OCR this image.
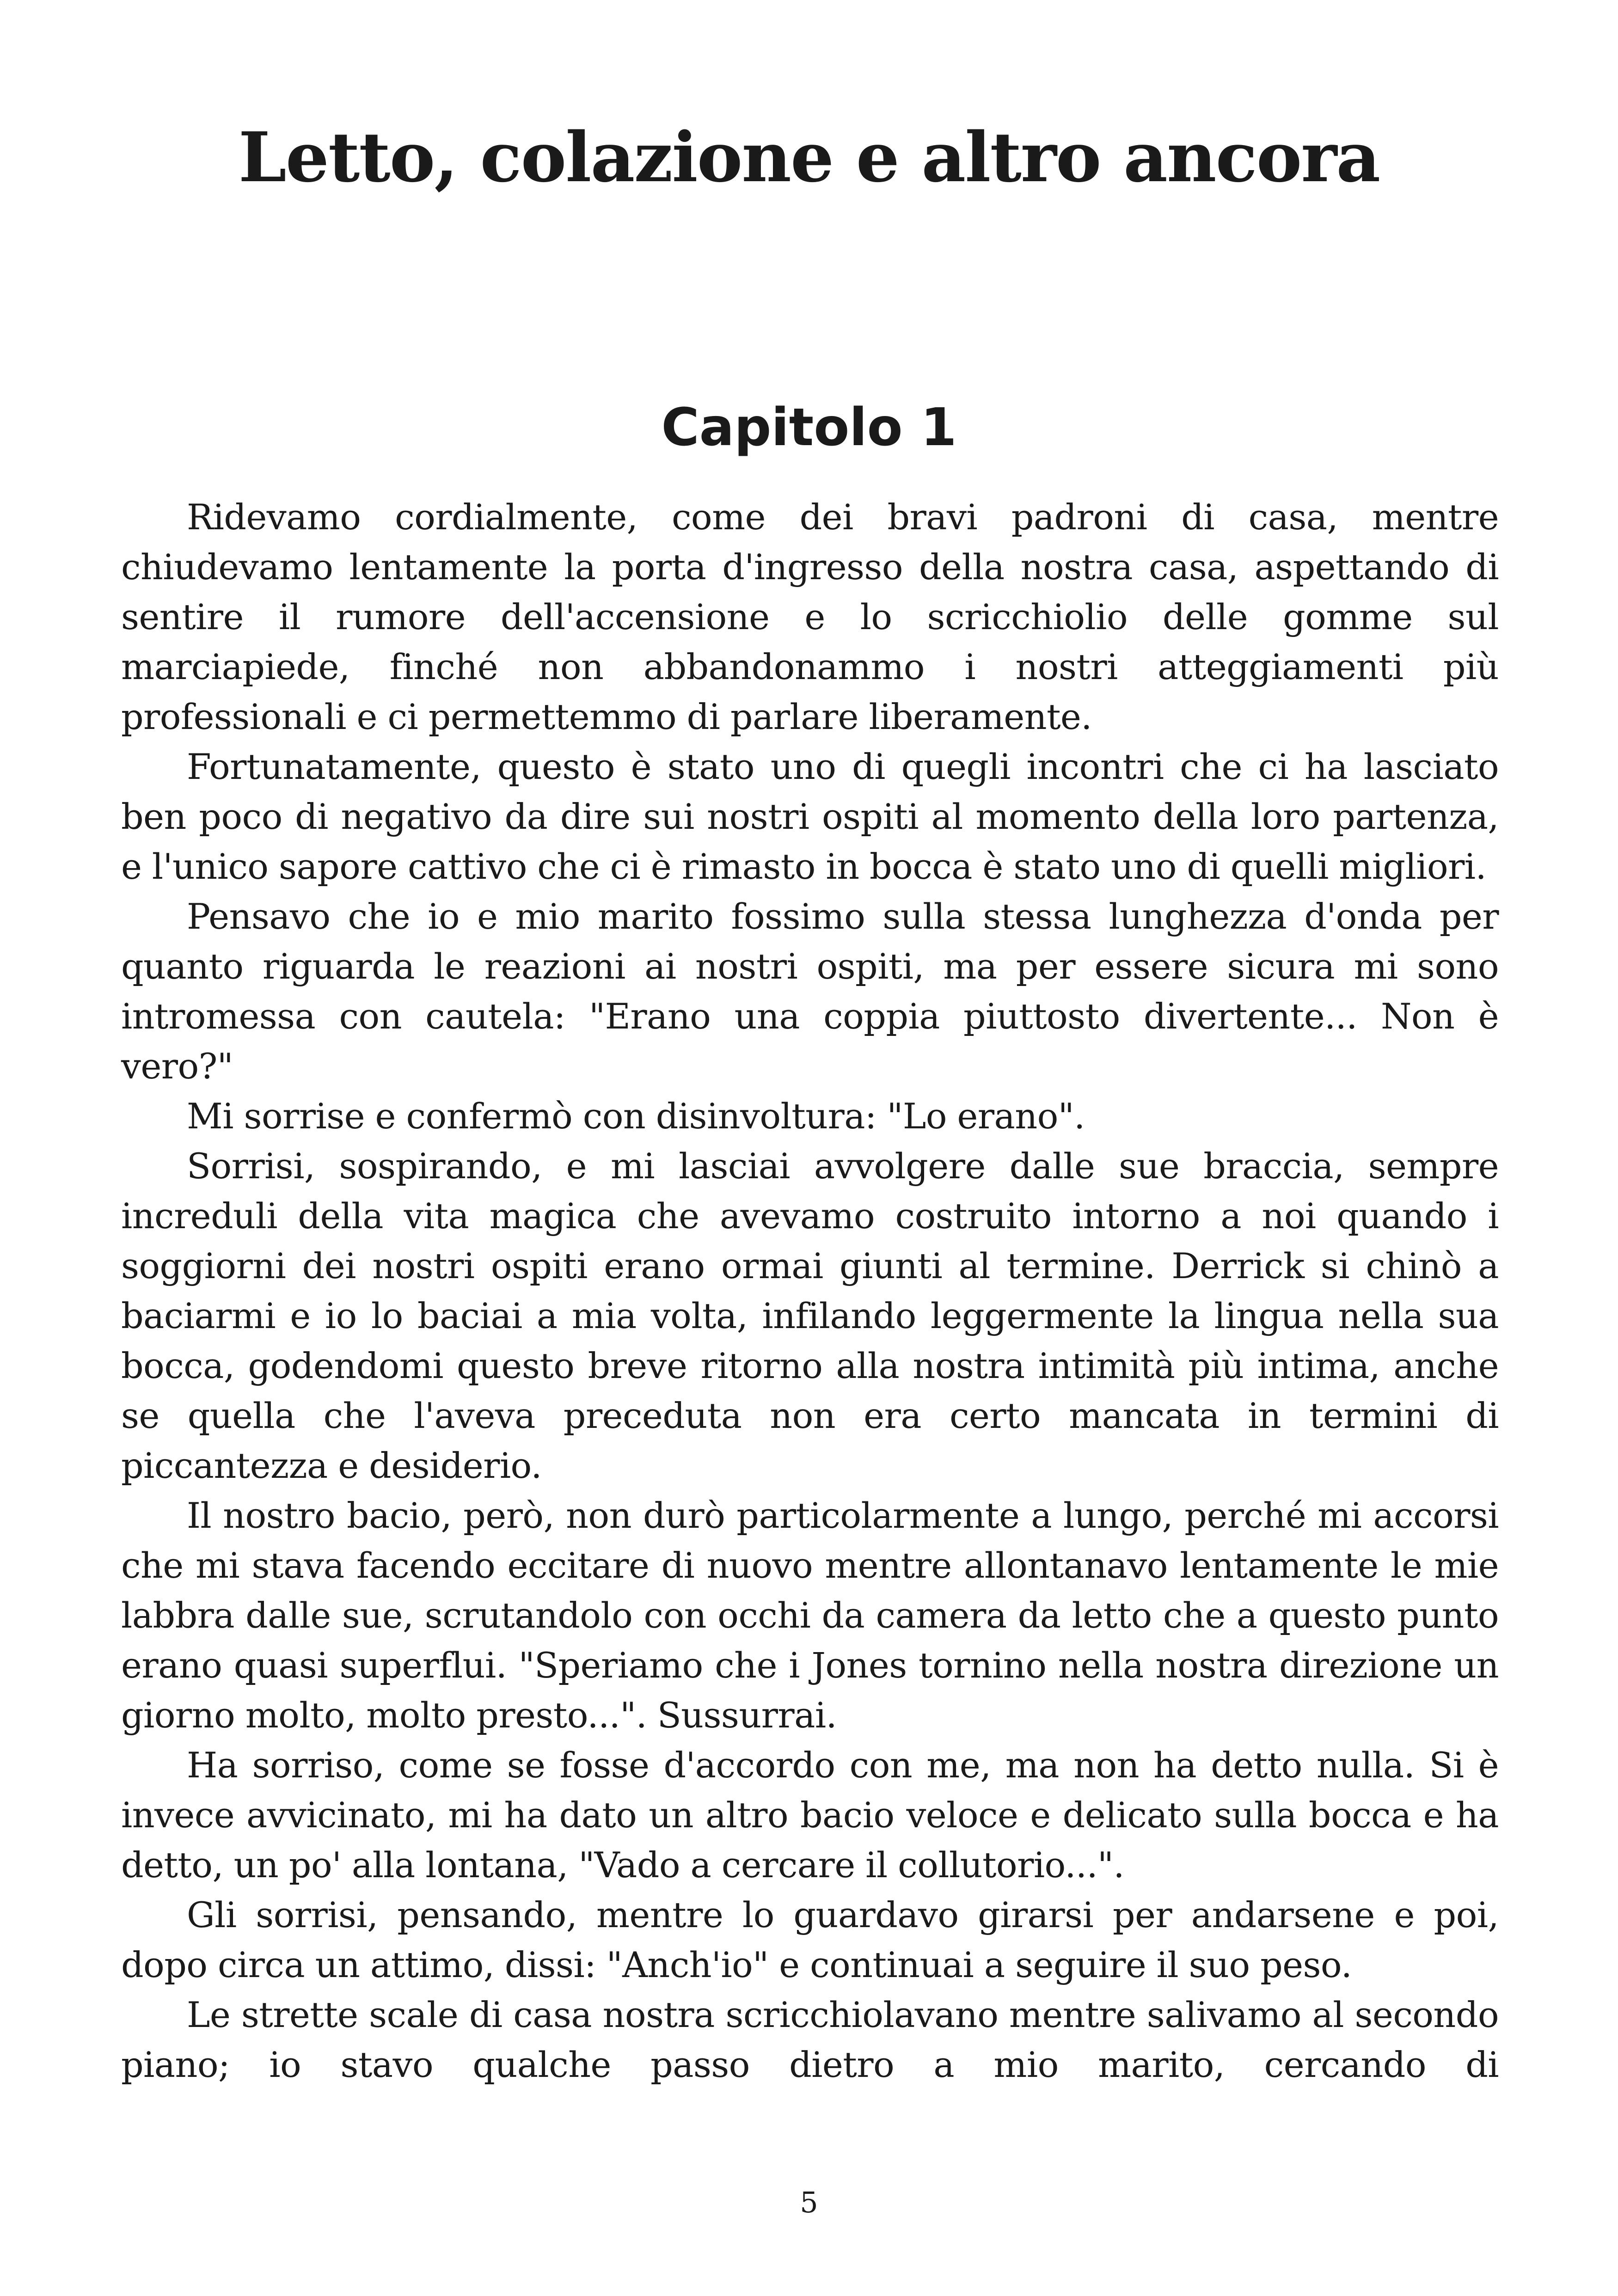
Letto, colazione e altro ancora
Capitolo 1

Ridevamo cordialmente, come dei bravi padroni di casa, mentre chiudevamo lentamente la porta d'ingresso della nostra casa, aspettando di sentire il rumore dell'accensione e lo scricchiolio delle gomme sul marciapiede, finché non abbandonammo i nostri atteggiamenti più professionali e ci permettemmo di parlare liberamente.

Fortunatamente, questo è stato uno di quegli incontri che ci ha lasciato ben poco di negativo da dire sui nostri ospiti al momento della loro partenza, e l'unico sapore cattivo che ci è rimasto in bocca è stato uno di quelli migliori.

Pensavo che io e mio marito fossimo sulla stessa lunghezza d'onda per quanto riguarda le reazioni ai nostri ospiti, ma per essere sicura mi sono intromessa con cautela: "Erano una coppia piuttosto divertente... Non è vero?"

Mi sorrise e confermò con disinvoltura: "Lo erano".

Sorrisi, sospirando, e mi lasciai avvolgere dalle sue braccia, sempre increduli della vita magica che avevamo costruito intorno a noi quando i soggiorni dei nostri ospiti erano ormai giunti al termine. Derrick si chinò a baciarmi e io lo baciai a mia volta, infilando leggermente la lingua nella sua bocca, godendomi questo breve ritorno alla nostra intimità più intima, anche se quella che l'aveva preceduta non era certo mancata in termini di piccantezza e desiderio.

Il nostro bacio, però, non durò particolarmente a lungo, perché mi accorsi che mi stava facendo eccitare di nuovo mentre allontanavo lentamente le mie labbra dalle sue, scrutandolo con occhi da camera da letto che a questo punto erano quasi superflui. "Speriamo che i Jones tornino nella nostra direzione un giorno molto, molto presto...". Sussurrai.

Ha sorriso, come se fosse d'accordo con me, ma non ha detto nulla. Si è invece avvicinato, mi ha dato un altro bacio veloce e delicato sulla bocca e ha detto, un po' alla lontana, "Vado a cercare il collutorio...".

Gli sorrisi, pensando, mentre lo guardavo girarsi per andarsene e poi, dopo circa un attimo, dissi: "Anch'io" e continuai a seguire il suo peso.

Le strette scale di casa nostra scricchiolavano mentre salivamo al secondo piano; io stavo qualche passo dietro a mio marito, cercando di

5
